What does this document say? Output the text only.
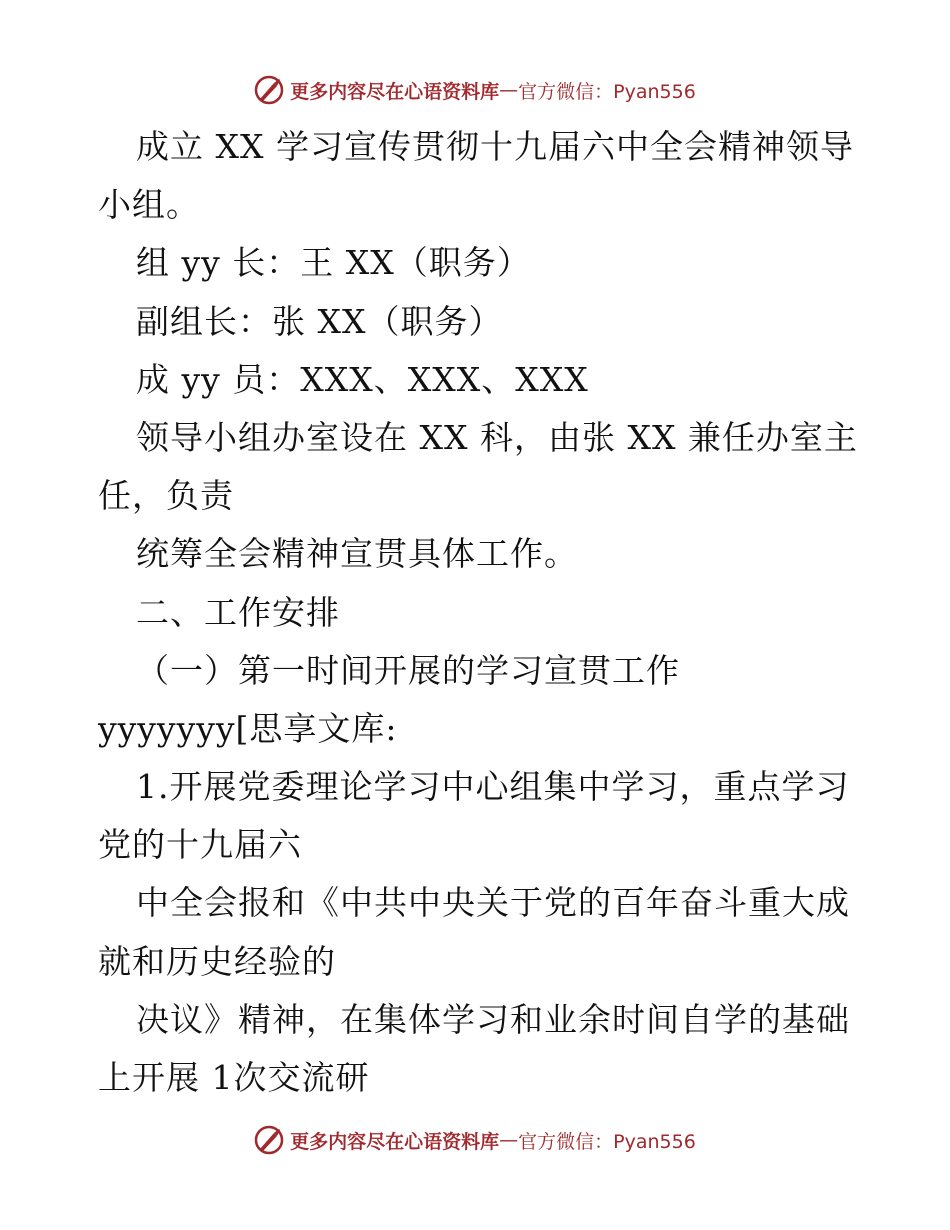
更多内容尽在心语资料库 — 官方微信：Pyan556
成立 XX 学习宣传贯彻十九届六中全会精神领导
小组。
组 yy 长：王 XX（职务）
副组长：张 XX（职务）
成 yy 员：XXX、XXX、XXX
领导小组办室设在 XX 科，由张 XX 兼任办室主
任，负责
统筹全会精神宣贯具体工作。
二、工作安排
（一）第一时间开展的学习宣贯工作
yyyyyyy[思享文库:
1.开展党委理论学习中心组集中学习，重点学习
党的十九届六
中全会报和《中共中央关于党的百年奋斗重大成
就和历史经验的
决议》精神，在集体学习和业余时间自学的基础
上开展 1次交流研
更多内容尽在心语资料库 — 官方微信：Pyan556
